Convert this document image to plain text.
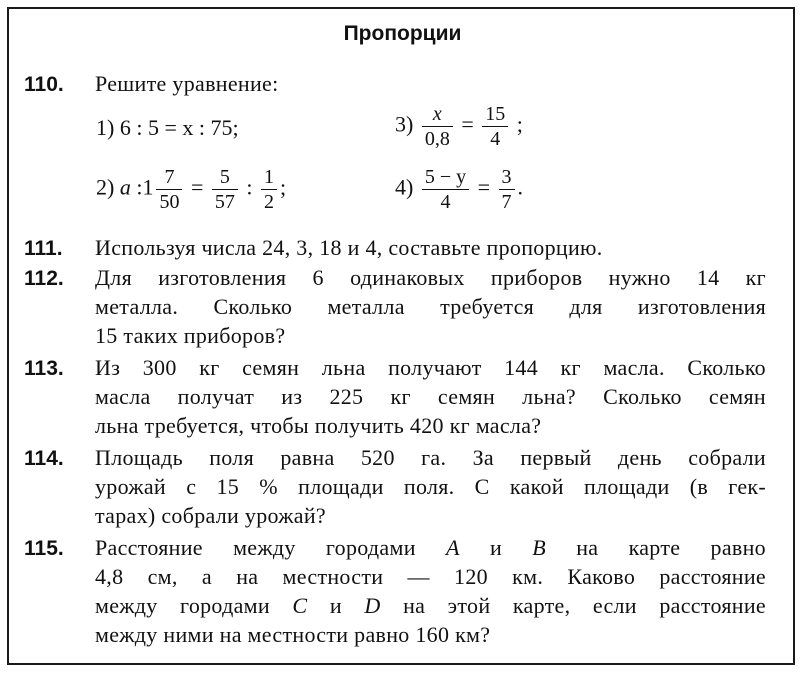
Пропорции
110. Решите уравнение:
1) 6 : 5 = x : 75;
2) a :1 $\frac{7}{50} = \frac{5}{57}$ : $\frac{1}{2}$ ;
$3) \frac{x}{0,8} = \frac{15}{4}$ ;
$4) \frac{5 - y}{4} = \frac{3}{7}$ .
111. Используя числа 24, 3, 18 и 4, составьте пропорцию.
112. Для изготовления 6 одинаковых приборов нужно 14 кг
металла. Сколько металла требуется для изготовления
15 таких приборов?
113. Из 300 кг семян льна получают 144 кг масла. Сколько
масла получат из 225 кг семян льна? Сколько семян
льна требуется, чтобы получить 420 кг масла?
114. Площадь поля равна 520 га. За первый день собрали
урожай с 15 % площади поля. С какой площади (в гек-
тарах) собрали урожай?
115. Расстояние между городами A и B на карте равно
4,8 см, а на местности — 120 км. Каково расстояние
между городами C и D на этой карте, если расстояние
между ними на местности равно 160 км?
